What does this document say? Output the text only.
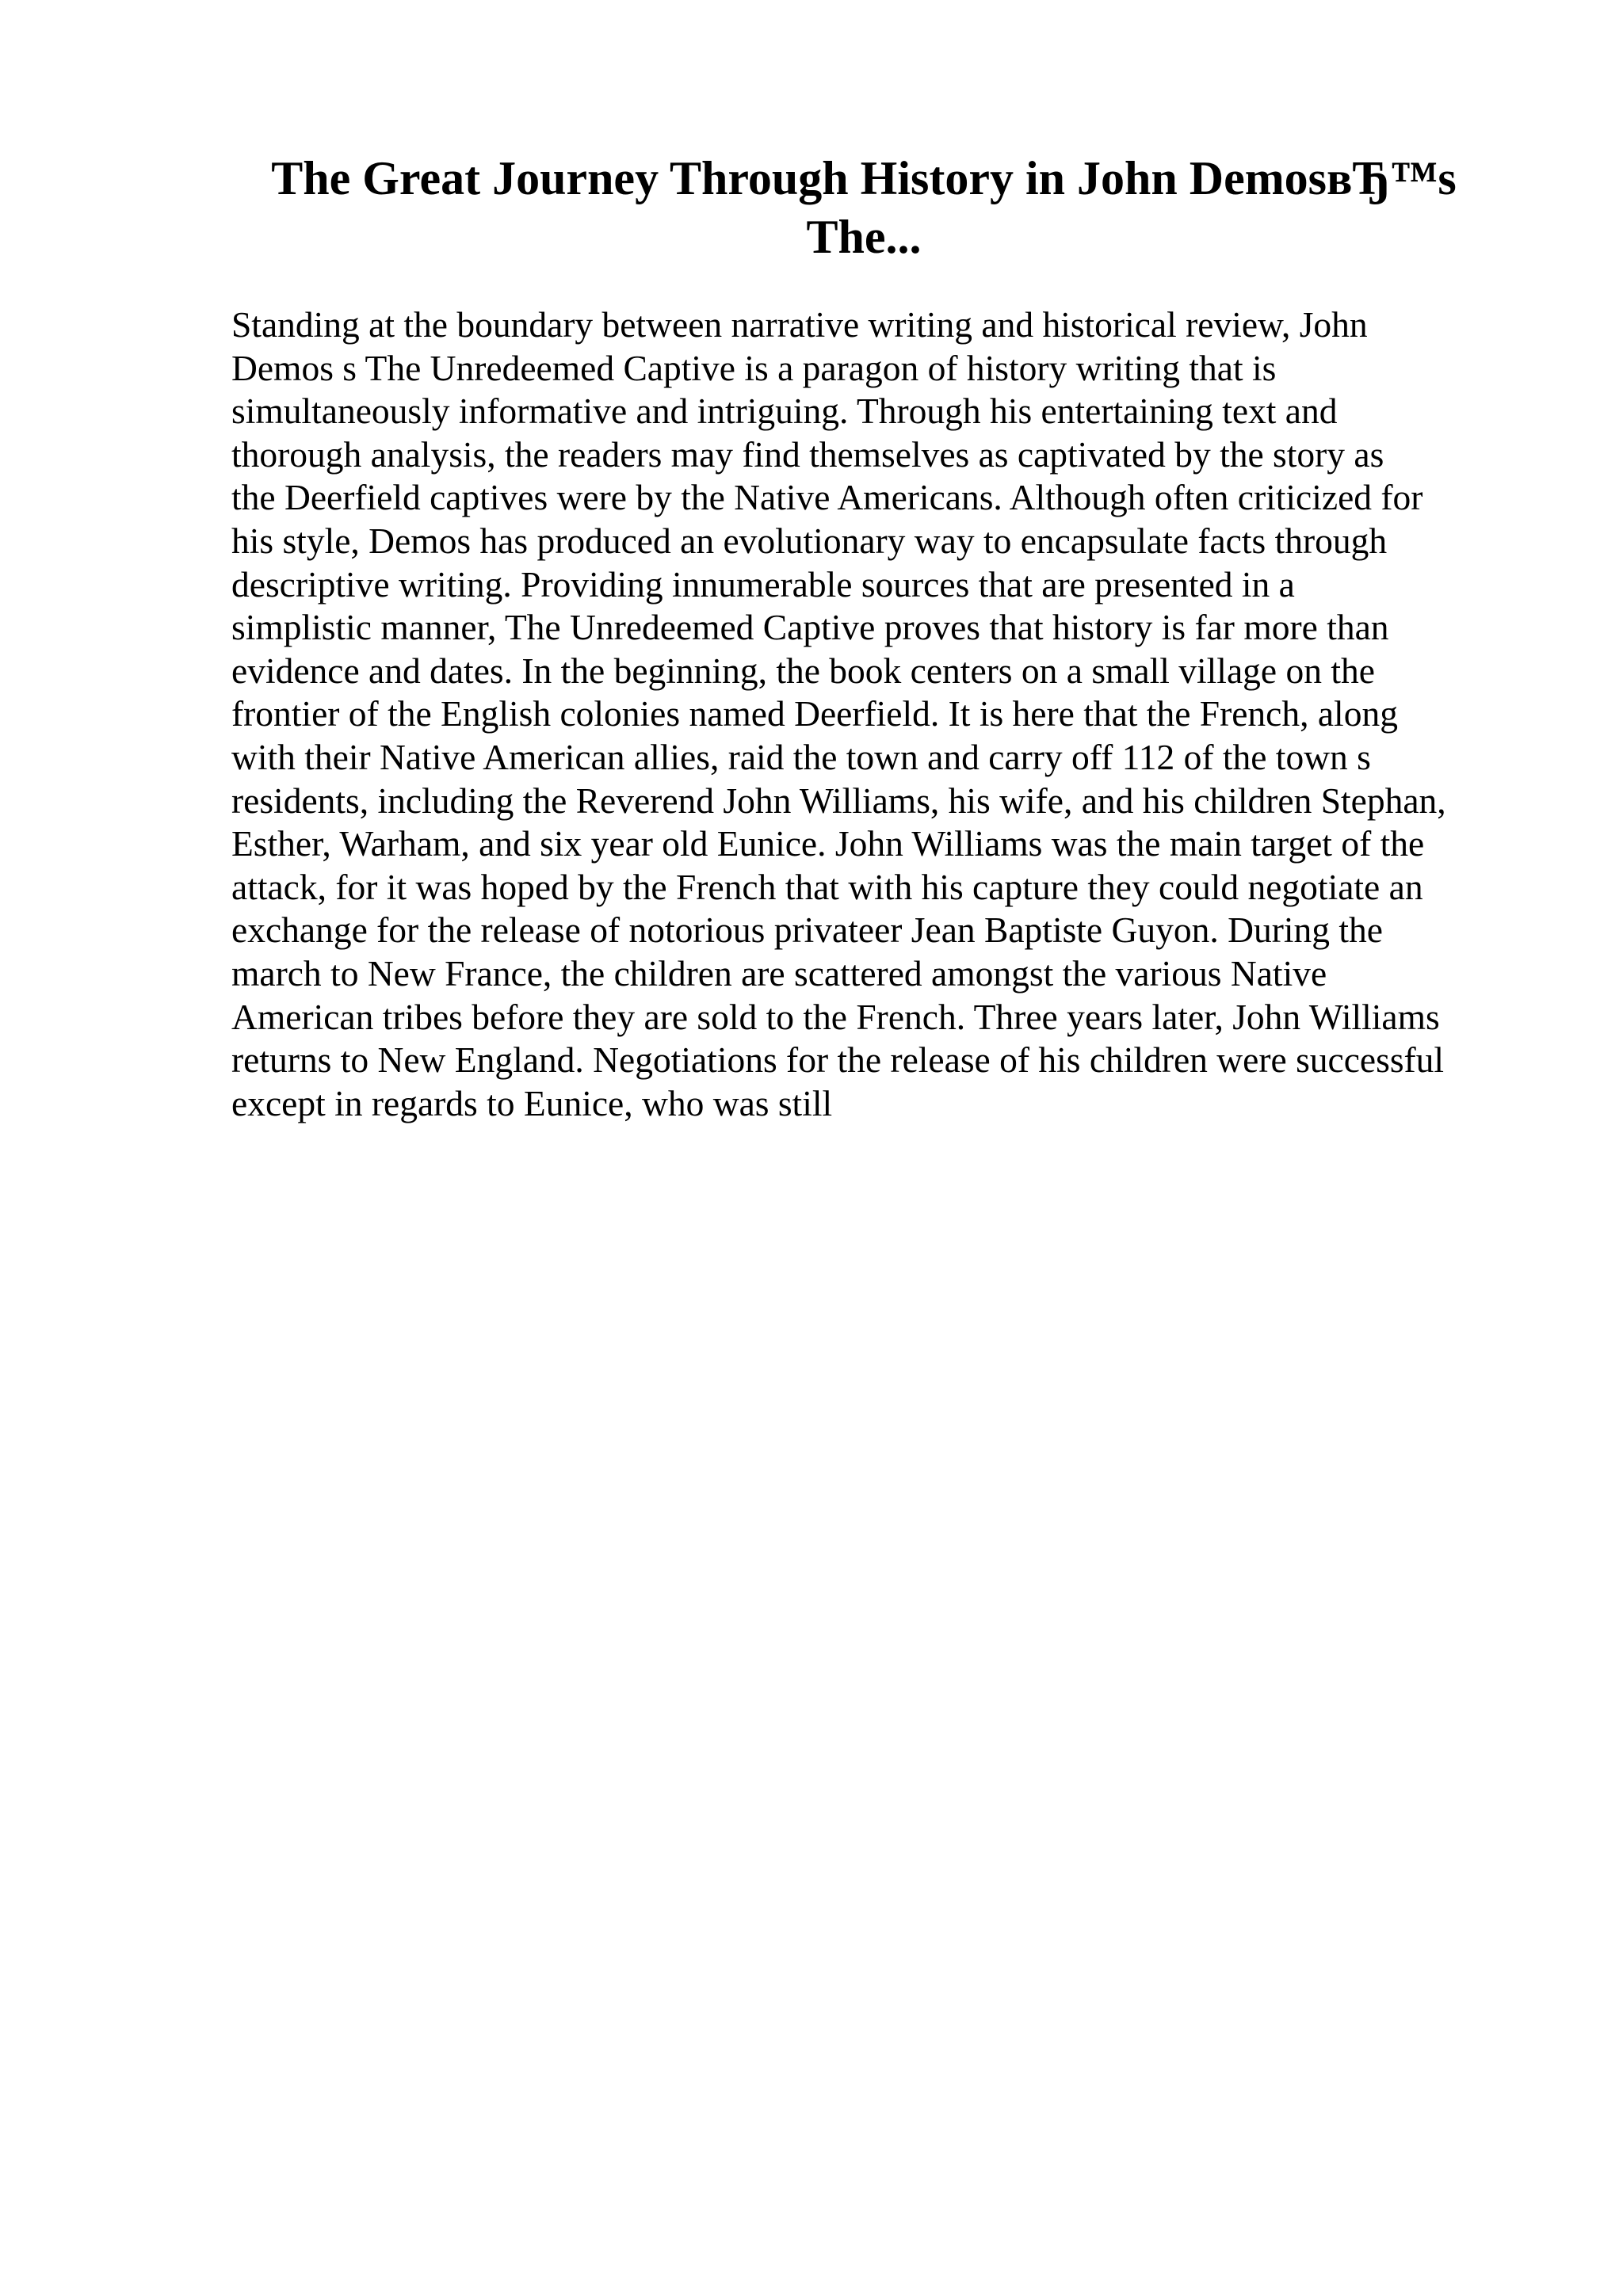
The Great Journey Through History in John DemosвЂ™s
The...
Standing at the boundary between narrative writing and historical review, John
Demos s The Unredeemed Captive is a paragon of history writing that is
simultaneously informative and intriguing. Through his entertaining text and
thorough analysis, the readers may find themselves as captivated by the story as
the Deerfield captives were by the Native Americans. Although often criticized for
his style, Demos has produced an evolutionary way to encapsulate facts through
descriptive writing. Providing innumerable sources that are presented in a
simplistic manner, The Unredeemed Captive proves that history is far more than
evidence and dates. In the beginning, the book centers on a small village on the
frontier of the English colonies named Deerfield. It is here that the French, along
with their Native American allies, raid the town and carry off 112 of the town s
residents, including the Reverend John Williams, his wife, and his children Stephan,
Esther, Warham, and six year old Eunice. John Williams was the main target of the
attack, for it was hoped by the French that with his capture they could negotiate an
exchange for the release of notorious privateer Jean Baptiste Guyon. During the
march to New France, the children are scattered amongst the various Native
American tribes before they are sold to the French. Three years later, John Williams
returns to New England. Negotiations for the release of his children were successful
except in regards to Eunice, who was still
